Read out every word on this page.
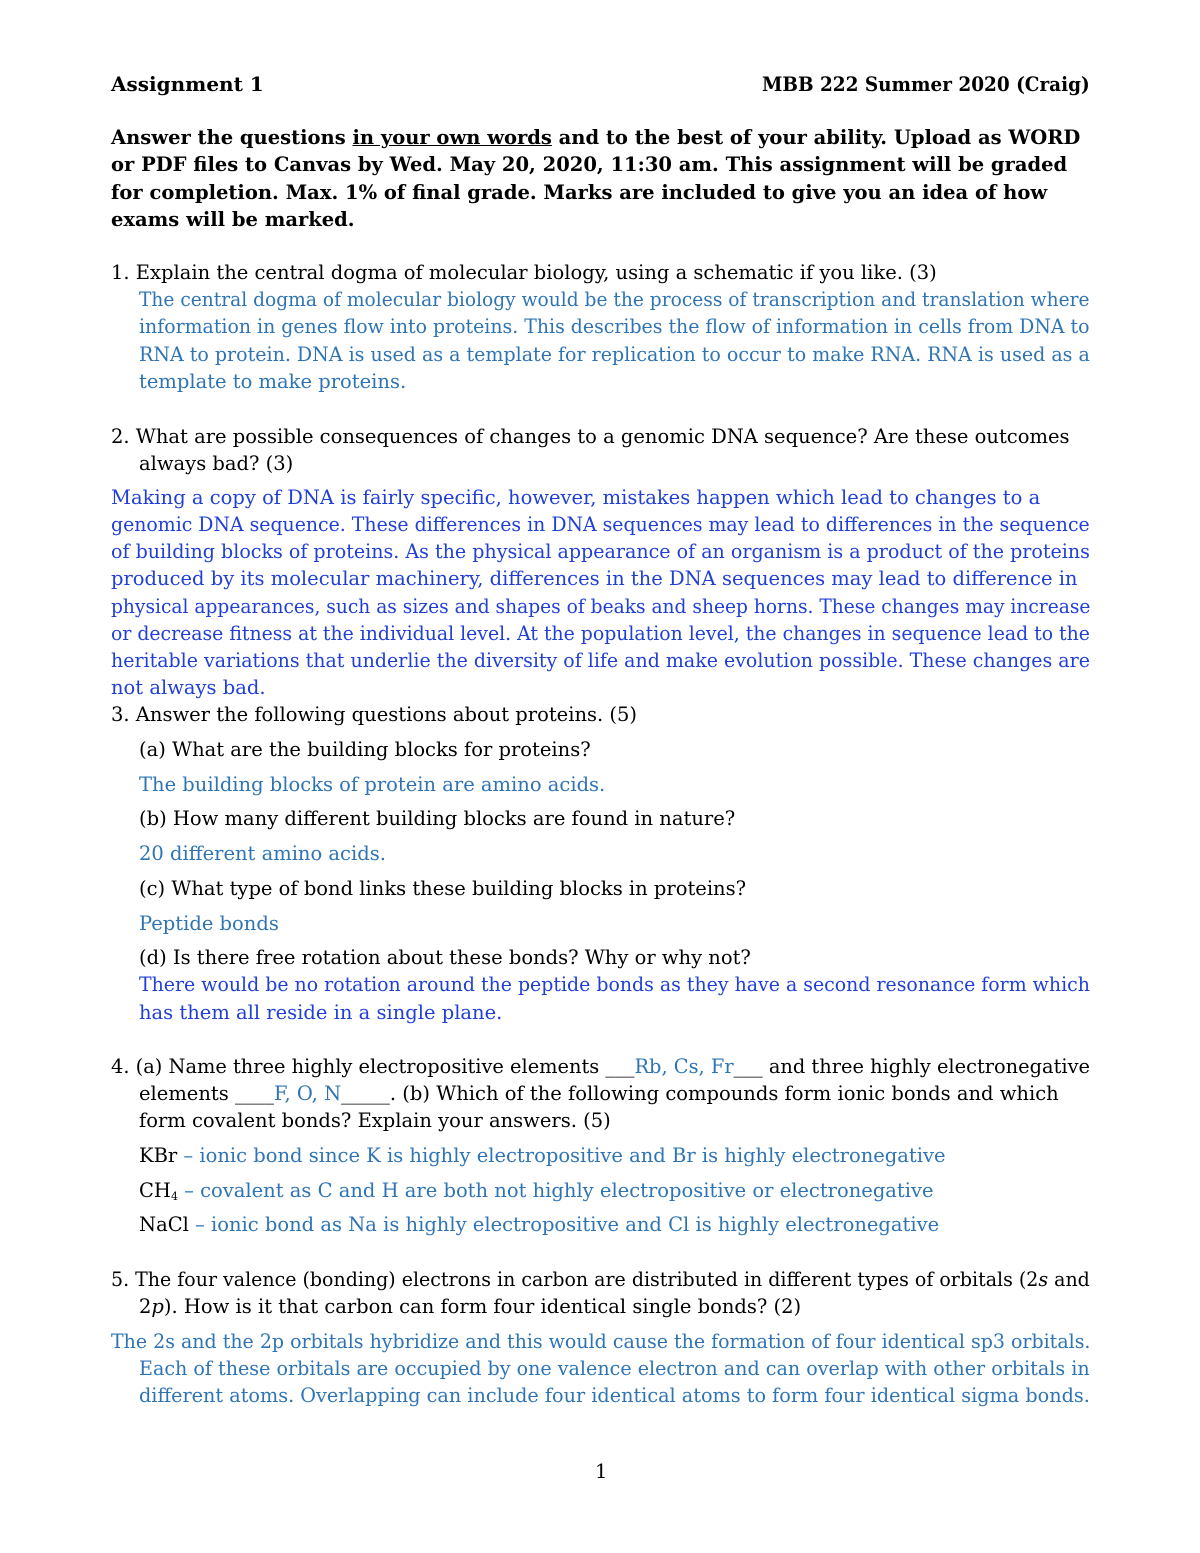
Assignment 1	MBB 222 Summer 2020 (Craig)
Answer the questions in your own words and to the best of your ability. Upload as WORD or PDF files to Canvas by Wed. May 20, 2020, 11:30 am. This assignment will be graded for completion. Max. 1% of final grade. Marks are included to give you an idea of how exams will be marked.
1. Explain the central dogma of molecular biology, using a schematic if you like. (3)
The central dogma of molecular biology would be the process of transcription and translation where
information in genes flow into proteins. This describes the flow of information in cells from DNA to
RNA to protein. DNA is used as a template for replication to occur to make RNA. RNA is used as a
template to make proteins.
2. What are possible consequences of changes to a genomic DNA sequence? Are these outcomes
always bad? (3)
Making a copy of DNA is fairly specific, however, mistakes happen which lead to changes to a
genomic DNA sequence. These differences in DNA sequences may lead to differences in the sequence
of building blocks of proteins. As the physical appearance of an organism is a product of the proteins
produced by its molecular machinery, differences in the DNA sequences may lead to difference in
physical appearances, such as sizes and shapes of beaks and sheep horns. These changes may increase
or decrease fitness at the individual level. At the population level, the changes in sequence lead to the
heritable variations that underlie the diversity of life and make evolution possible. These changes are
not always bad.
3. Answer the following questions about proteins. (5)
(a) What are the building blocks for proteins?
The building blocks of protein are amino acids.
(b) How many different building blocks are found in nature?
20 different amino acids.
(c) What type of bond links these building blocks in proteins?
Peptide bonds
(d) Is there free rotation about these bonds? Why or why not?
There would be no rotation around the peptide bonds as they have a second resonance form which
has them all reside in a single plane.
4. (a) Name three highly electropositive elements ___Rb, Cs, Fr___ and three highly electronegative
elements ____F, O, N_____. (b) Which of the following compounds form ionic bonds and which
form covalent bonds? Explain your answers. (5)
KBr – ionic bond since K is highly electropositive and Br is highly electronegative
$CH_4$ – covalent as C and H are both not highly electropositive or electronegative
NaCl – ionic bond as Na is highly electropositive and Cl is highly electronegative
5. The four valence (bonding) electrons in carbon are distributed in different types of orbitals (2s and
2p). How is it that carbon can form four identical single bonds? (2)
The 2s and the 2p orbitals hybridize and this would cause the formation of four identical sp3 orbitals.
Each of these orbitals are occupied by one valence electron and can overlap with other orbitals in
different atoms. Overlapping can include four identical atoms to form four identical sigma bonds.
1
